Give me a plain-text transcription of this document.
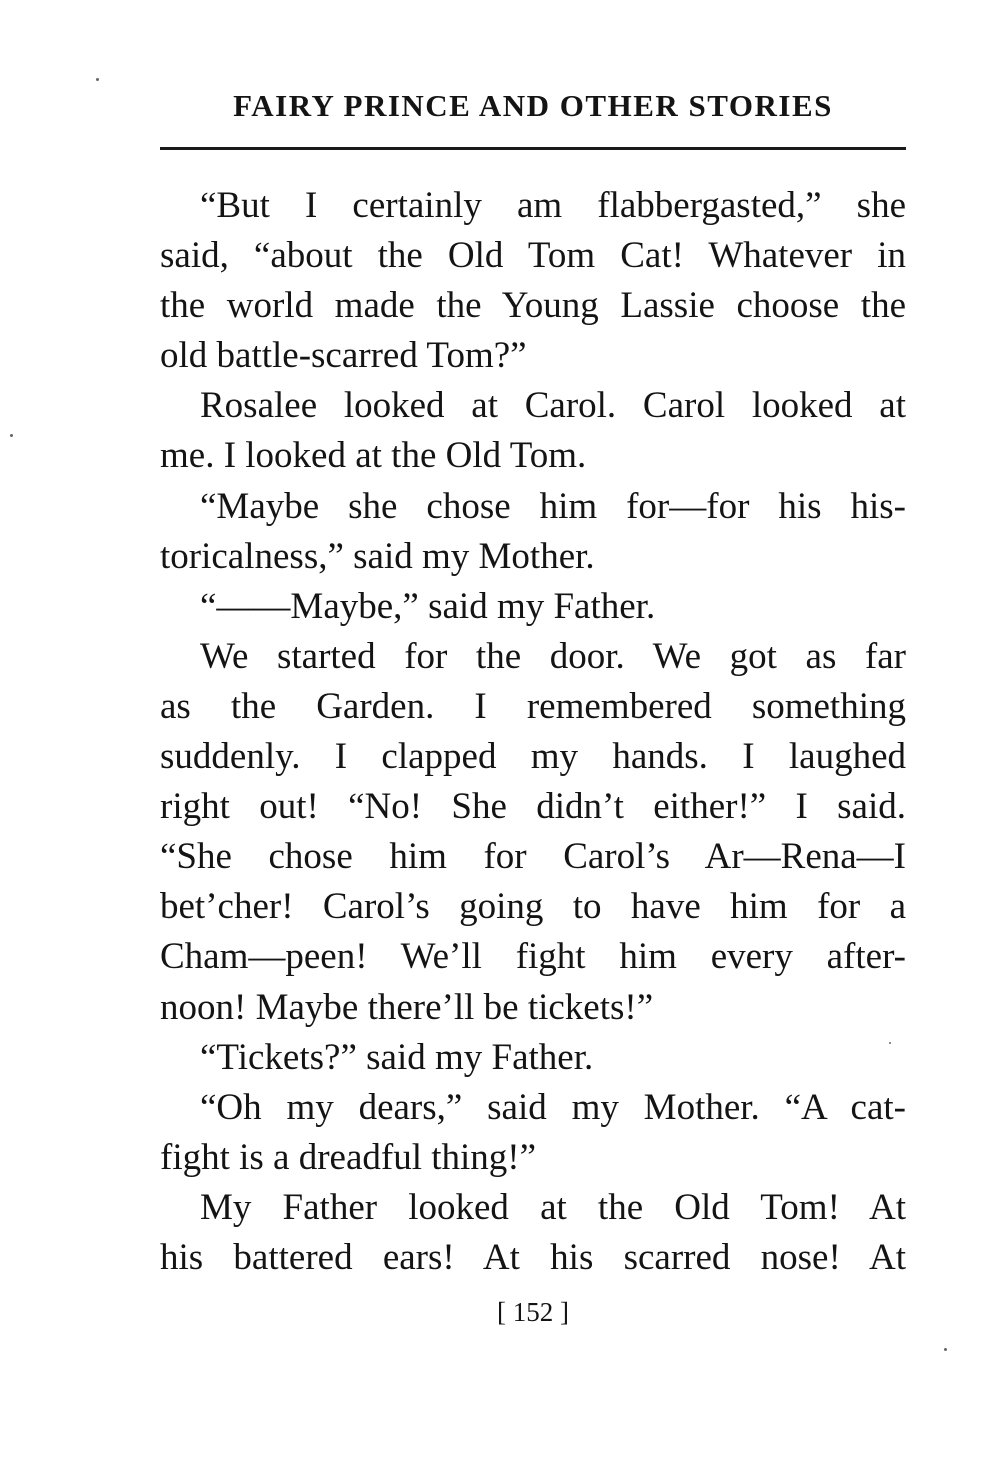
FAIRY PRINCE AND OTHER STORIES
“But I certainly am flabbergasted,” she
said, “about the Old Tom Cat! Whatever in
the world made the Young Lassie choose the
old battle-scarred Tom?”
Rosalee looked at Carol. Carol looked at
me. I looked at the Old Tom.
“Maybe she chose him for—for his his-
toricalness,” said my Mother.
“——Maybe,” said my Father.
We started for the door. We got as far
as the Garden. I remembered something
suddenly. I clapped my hands. I laughed
right out! “No! She didn’t either!” I said.
“She chose him for Carol’s Ar—Rena—I
bet’cher! Carol’s going to have him for a
Cham—peen! We’ll fight him every after-
noon! Maybe there’ll be tickets!”
“Tickets?” said my Father.
“Oh my dears,” said my Mother. “A cat-
fight is a dreadful thing!”
My Father looked at the Old Tom! At
his battered ears! At his scarred nose! At
[ 152 ]
